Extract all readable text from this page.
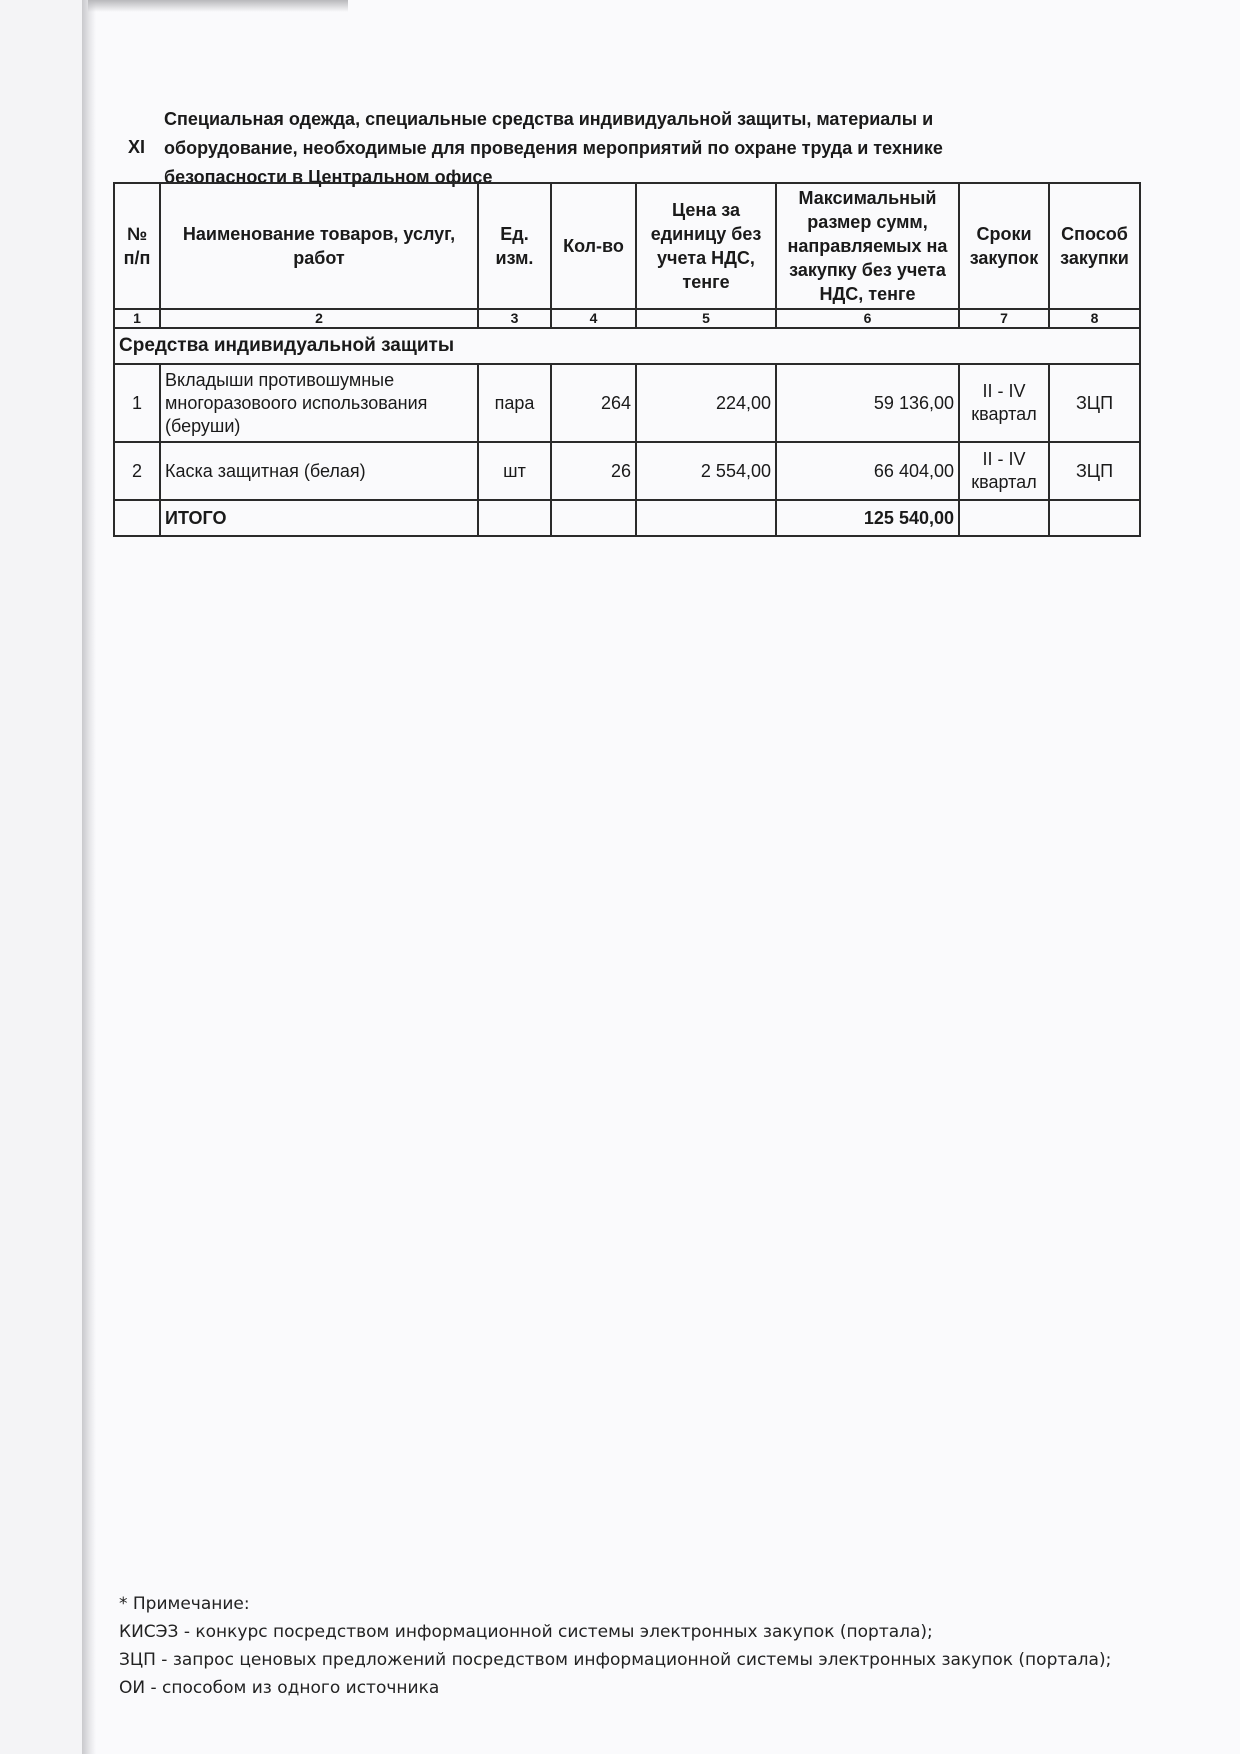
XI
Специальная одежда, специальные средства индивидуальной защиты, материалы и оборудование, необходимые для проведения мероприятий по охране труда и технике безопасности в Центральном офисе
№ п/п	Наименование товаров, услуг, работ	Ед. изм.	Кол-во	Цена за единицу без учета НДС, тенге	Максимальный размер сумм, направляемых на закупку без учета НДС, тенге	Сроки закупок	Способ закупки
1	2	3	4	5	6	7	8
Средства индивидуальной защиты							
1	Вкладыши противошумные многоразовоого использования (беруши)	пара	264	224,00	59 136,00	II - IV квартал	ЗЦП
2	Каска защитная (белая)	шт	26	2 554,00	66 404,00	II - IV квартал	ЗЦП
	ИТОГО				125 540,00		
* Примечание:
КИСЭЗ - конкурс посредством информационной системы электронных закупок (портала);
ЗЦП - запрос ценовых предложений посредством информационной системы электронных закупок (портала);
ОИ - способом из одного источника
